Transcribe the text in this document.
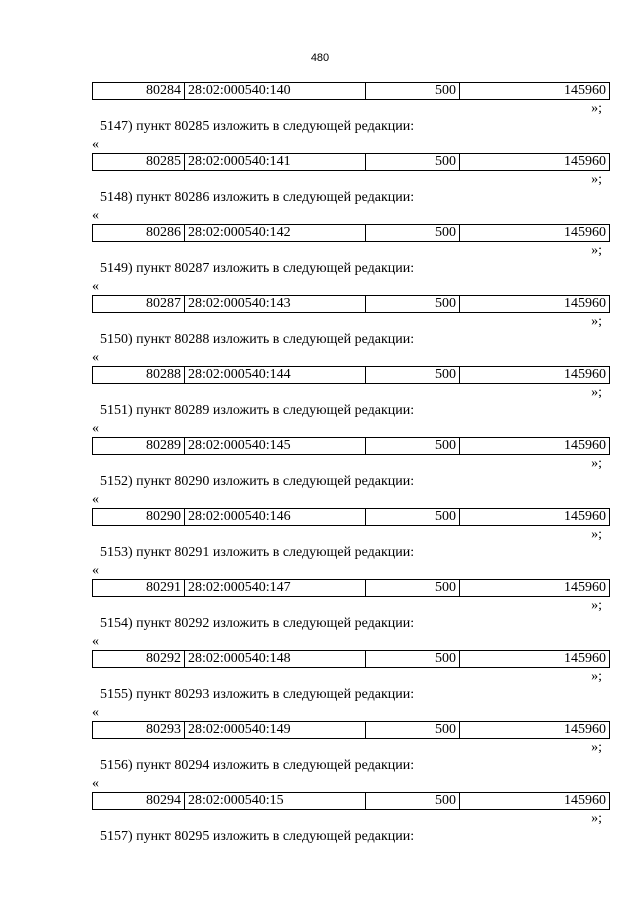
480
80284	28:02:000540:140	500	145960
»;
5147) пункт 80285 изложить в следующей редакции:
«
80285	28:02:000540:141	500	145960
»;
5148) пункт 80286 изложить в следующей редакции:
«
80286	28:02:000540:142	500	145960
»;
5149) пункт 80287 изложить в следующей редакции:
«
80287	28:02:000540:143	500	145960
»;
5150) пункт 80288 изложить в следующей редакции:
«
80288	28:02:000540:144	500	145960
»;
5151) пункт 80289 изложить в следующей редакции:
«
80289	28:02:000540:145	500	145960
»;
5152) пункт 80290 изложить в следующей редакции:
«
80290	28:02:000540:146	500	145960
»;
5153) пункт 80291 изложить в следующей редакции:
«
80291	28:02:000540:147	500	145960
»;
5154) пункт 80292 изложить в следующей редакции:
«
80292	28:02:000540:148	500	145960
»;
5155) пункт 80293 изложить в следующей редакции:
«
80293	28:02:000540:149	500	145960
»;
5156) пункт 80294 изложить в следующей редакции:
«
80294	28:02:000540:15	500	145960
»;
5157) пункт 80295 изложить в следующей редакции:
